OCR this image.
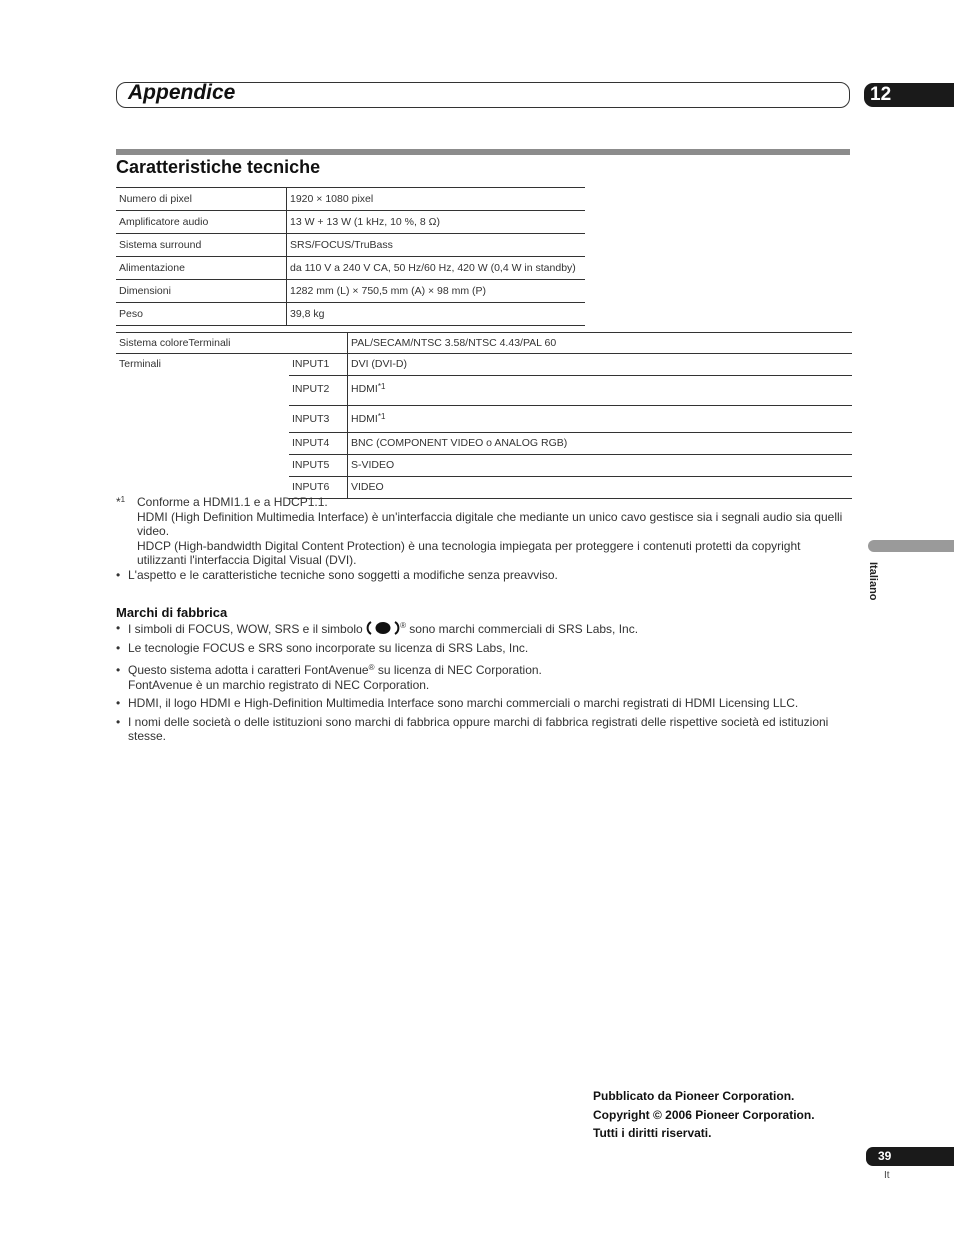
Appendice	12
Caratteristiche tecniche
Numero di pixel	1920 × 1080 pixel
Amplificatore audio	13 W + 13 W (1 kHz, 10 %, 8 Ω)
Sistema surround	SRS/FOCUS/TruBass
Alimentazione	da 110 V a 240 V CA, 50 Hz/60 Hz, 420 W (0,4 W in standby)
Dimensioni	1282 mm (L) × 750,5 mm (A) × 98 mm (P)
Peso	39,8 kg
Sistema coloreTerminali		PAL/SECAM/NTSC 3.58/NTSC 4.43/PAL 60
Terminali	INPUT1	DVI (DVI-D)
	INPUT2	HDMI$^{*1}$
	INPUT3	HDMI$^{*1}$
	INPUT4	BNC (COMPONENT VIDEO o ANALOG RGB)
	INPUT5	S-VIDEO
	INPUT6	VIDEO
*$^1$ Conforme a HDMI1.1 e a HDCP1.1.
HDMI (High Definition Multimedia Interface) è un'interfaccia digitale che mediante un unico cavo gestisce sia i segnali audio sia quelli video.
HDCP (High-bandwidth Digital Content Protection) è una tecnologia impiegata per proteggere i contenuti protetti da copyright utilizzanti l'interfaccia Digital Visual (DVI).
• L'aspetto e le caratteristiche tecniche sono soggetti a modifiche senza preavviso.
Marchi di fabbrica
• I simboli di FOCUS, WOW, SRS e il simbolo	® sono marchi commerciali di SRS Labs, Inc.
• Le tecnologie FOCUS e SRS sono incorporate su licenza di SRS Labs, Inc.
• Questo sistema adotta i caratteri FontAvenue® su licenza di NEC Corporation.
FontAvenue è un marchio registrato di NEC Corporation.
• HDMI, il logo HDMI e High-Definition Multimedia Interface sono marchi commerciali o marchi registrati di HDMI Licensing LLC.
• I nomi delle società o delle istituzioni sono marchi di fabbrica oppure marchi di fabbrica registrati delle rispettive società ed istituzioni stesse.
Italiano
Pubblicato da Pioneer Corporation.
Copyright © 2006 Pioneer Corporation.
Tutti i diritti riservati.
39
It
